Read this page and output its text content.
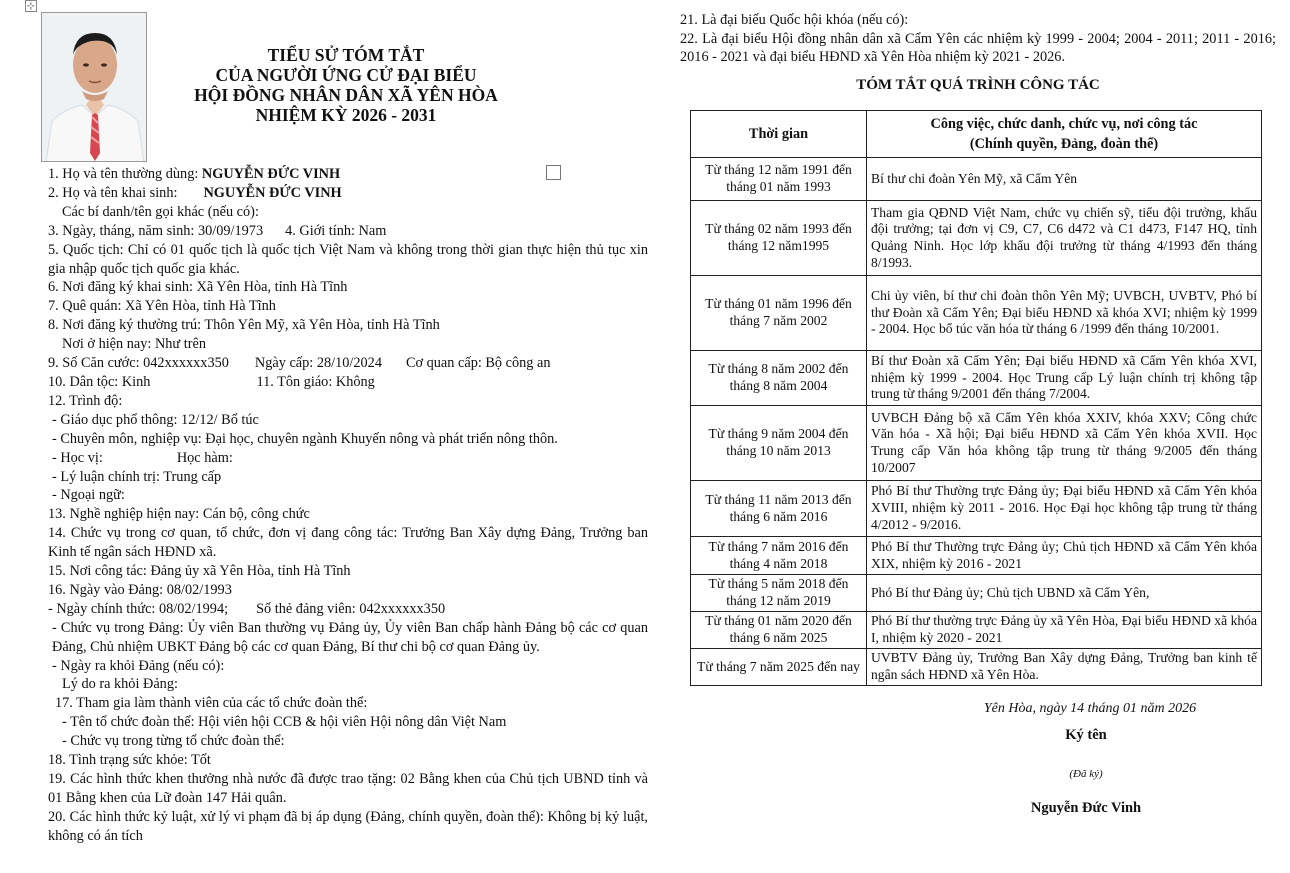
⊹
TIỂU SỬ TÓM TẮT
CỦA NGƯỜI ỨNG CỬ ĐẠI BIỂU
HỘI ĐỒNG NHÂN DÂN XÃ YÊN HÒA
NHIỆM KỲ 2026 - 2031
1. Họ và tên thường dùng: NGUYỄN ĐỨC VINH
2. Họ và tên khai sinh: NGUYỄN ĐỨC VINH
Các bí danh/tên gọi khác (nếu có):
3. Ngày, tháng, năm sinh: 30/09/1973 4. Giới tính: Nam
5. Quốc tịch: Chỉ có 01 quốc tịch là quốc tịch Việt Nam và không trong thời gian thực hiện thủ tục xin gia nhập quốc tịch quốc gia khác.
6. Nơi đăng ký khai sinh: Xã Yên Hòa, tỉnh Hà Tĩnh
7. Quê quán: Xã Yên Hòa, tỉnh Hà Tĩnh
8. Nơi đăng ký thường trú: Thôn Yên Mỹ, xã Yên Hòa, tỉnh Hà Tĩnh
Nơi ở hiện nay: Như trên
9. Số Căn cước: 042xxxxxx350 Ngày cấp: 28/10/2024 Cơ quan cấp: Bộ công an
10. Dân tộc: Kinh	11. Tôn giáo: Không
12. Trình độ:
- Giáo dục phổ thông: 12/12/ Bổ túc
- Chuyên môn, nghiệp vụ: Đại học, chuyên ngành Khuyến nông và phát triển nông thôn.
- Học vị:	Học hàm:
- Lý luận chính trị: Trung cấp
- Ngoại ngữ:
13. Nghề nghiệp hiện nay: Cán bộ, công chức
14. Chức vụ trong cơ quan, tổ chức, đơn vị đang công tác: Trưởng Ban Xây dựng Đảng, Trưởng ban Kinh tế ngân sách HĐND xã.
15. Nơi công tác: Đảng ủy xã Yên Hòa, tỉnh Hà Tĩnh
16. Ngày vào Đảng: 08/02/1993
- Ngày chính thức: 08/02/1994; Số thẻ đảng viên: 042xxxxxx350
- Chức vụ trong Đảng: Ủy viên Ban thường vụ Đảng ủy, Ủy viên Ban chấp hành Đảng bộ các cơ quan Đảng, Chủ nhiệm UBKT Đảng bộ các cơ quan Đảng, Bí thư chi bộ cơ quan Đảng ủy.
- Ngày ra khỏi Đảng (nếu có):
Lý do ra khỏi Đảng:
17. Tham gia làm thành viên của các tổ chức đoàn thể:
- Tên tổ chức đoàn thể: Hội viên hội CCB & hội viên Hội nông dân Việt Nam
- Chức vụ trong từng tổ chức đoàn thể:
18. Tình trạng sức khỏe: Tốt
19. Các hình thức khen thưởng nhà nước đã được trao tặng: 02 Bằng khen của Chủ tịch UBND tỉnh và 01 Bằng khen của Lữ đoàn 147 Hải quân.
20. Các hình thức kỷ luật, xử lý vi phạm đã bị áp dụng (Đảng, chính quyền, đoàn thể): Không bị kỷ luật, không có án tích
21. Là đại biểu Quốc hội khóa (nếu có):
22. Là đại biểu Hội đồng nhân dân xã Cẩm Yên các nhiệm kỳ 1999 - 2004; 2004 - 2011; 2011 - 2016; 2016 - 2021 và đại biểu HĐND xã Yên Hòa nhiệm kỳ 2021 - 2026.
TÓM TẮT QUÁ TRÌNH CÔNG TÁC
Thời gian	Công việc, chức danh, chức vụ, nơi công tác
(Chính quyền, Đảng, đoàn thể)

Từ tháng 12 năm 1991 đến tháng 01 năm 1993	Bí thư chi đoàn Yên Mỹ, xã Cẩm Yên
Từ tháng 02 năm 1993 đến tháng 12 năm1995	Tham gia QĐND Việt Nam, chức vụ chiến sỹ, tiểu đội trưởng, khẩu đội trưởng; tại đơn vị C9, C7, C6 d472 và C1 d473, F147 HQ, tỉnh Quảng Ninh. Học lớp khẩu đội trưởng từ tháng 4/1993 đến tháng 8/1993.
Từ tháng 01 năm 1996 đến tháng 7 năm 2002	Chi ủy viên, bí thư chi đoàn thôn Yên Mỹ; UVBCH, UVBTV, Phó bí thư Đoàn xã Cẩm Yên; Đại biểu HĐND xã khóa XVI; nhiệm kỳ 1999 - 2004. Học bổ túc văn hóa từ tháng 6 /1999 đến tháng 10/2001.
Từ tháng 8 năm 2002 đến tháng 8 năm 2004	Bí thư Đoàn xã Cẩm Yên; Đại biểu HĐND xã Cẩm Yên khóa XVI, nhiệm kỳ 1999 - 2004. Học Trung cấp Lý luận chính trị không tập trung từ tháng 9/2001 đến tháng 7/2004.
Từ tháng 9 năm 2004 đến tháng 10 năm 2013	UVBCH Đảng bộ xã Cẩm Yên khóa XXIV, khóa XXV; Công chức Văn hóa - Xã hội; Đại biểu HĐND xã Cẩm Yên khóa XVII. Học Trung cấp Văn hóa không tập trung từ tháng 9/2005 đến tháng 10/2007
Từ tháng 11 năm 2013 đến tháng 6 năm 2016	Phó Bí thư Thường trực Đảng ủy; Đại biểu HĐND xã Cẩm Yên khóa XVIII, nhiệm kỳ 2011 - 2016. Học Đại học không tập trung từ tháng 4/2012 - 9/2016.
Từ tháng 7 năm 2016 đến tháng 4 năm 2018	Phó Bí thư Thường trực Đảng ủy; Chủ tịch HĐND xã Cẩm Yên khóa XIX, nhiệm kỳ 2016 - 2021
Từ tháng 5 năm 2018 đến tháng 12 năm 2019	Phó Bí thư Đảng ủy; Chủ tịch UBND xã Cẩm Yên,
Từ tháng 01 năm 2020 đến tháng 6 năm 2025	Phó Bí thư thường trực Đảng ủy xã Yên Hòa, Đại biểu HĐND xã khóa I, nhiệm kỳ 2020 - 2021
Từ tháng 7 năm 2025 đến nay	UVBTV Đảng ủy, Trưởng Ban Xây dựng Đảng, Trưởng ban kinh tế ngân sách HĐND xã Yên Hòa.
Yên Hòa, ngày 14 tháng 01 năm 2026
Ký tên
(Đã ký)
Nguyễn Đức Vinh
